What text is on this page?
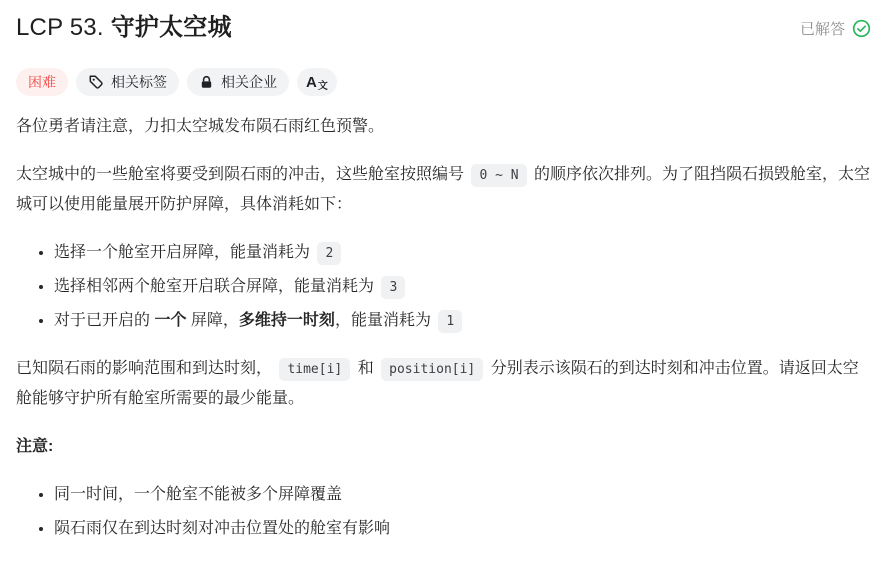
LCP 53. 守护太空城	已解答
困难	相关标签	相关企业 A文

各位勇者请注意，力扣太空城发布陨石雨红色预警。

太空城中的一些舱室将要受到陨石雨的冲击，这些舱室按照编号 0 ~ N 的顺序依次排列。为了阻挡陨石损毁舱室，太空城可以使用能量展开防护屏障，具体消耗如下：

• 选择一个舱室开启屏障，能量消耗为 2
• 选择相邻两个舱室开启联合屏障，能量消耗为 3
• 对于已开启的 一个 屏障，多维持一时刻，能量消耗为 1

已知陨石雨的影响范围和到达时刻， time[i] 和 position[i] 分别表示该陨石的到达时刻和冲击位置。请返回太空舱能够守护所有舱室所需要的最少能量。

注意:

• 同一时间，一个舱室不能被多个屏障覆盖
• 陨石雨仅在到达时刻对冲击位置处的舱室有影响
